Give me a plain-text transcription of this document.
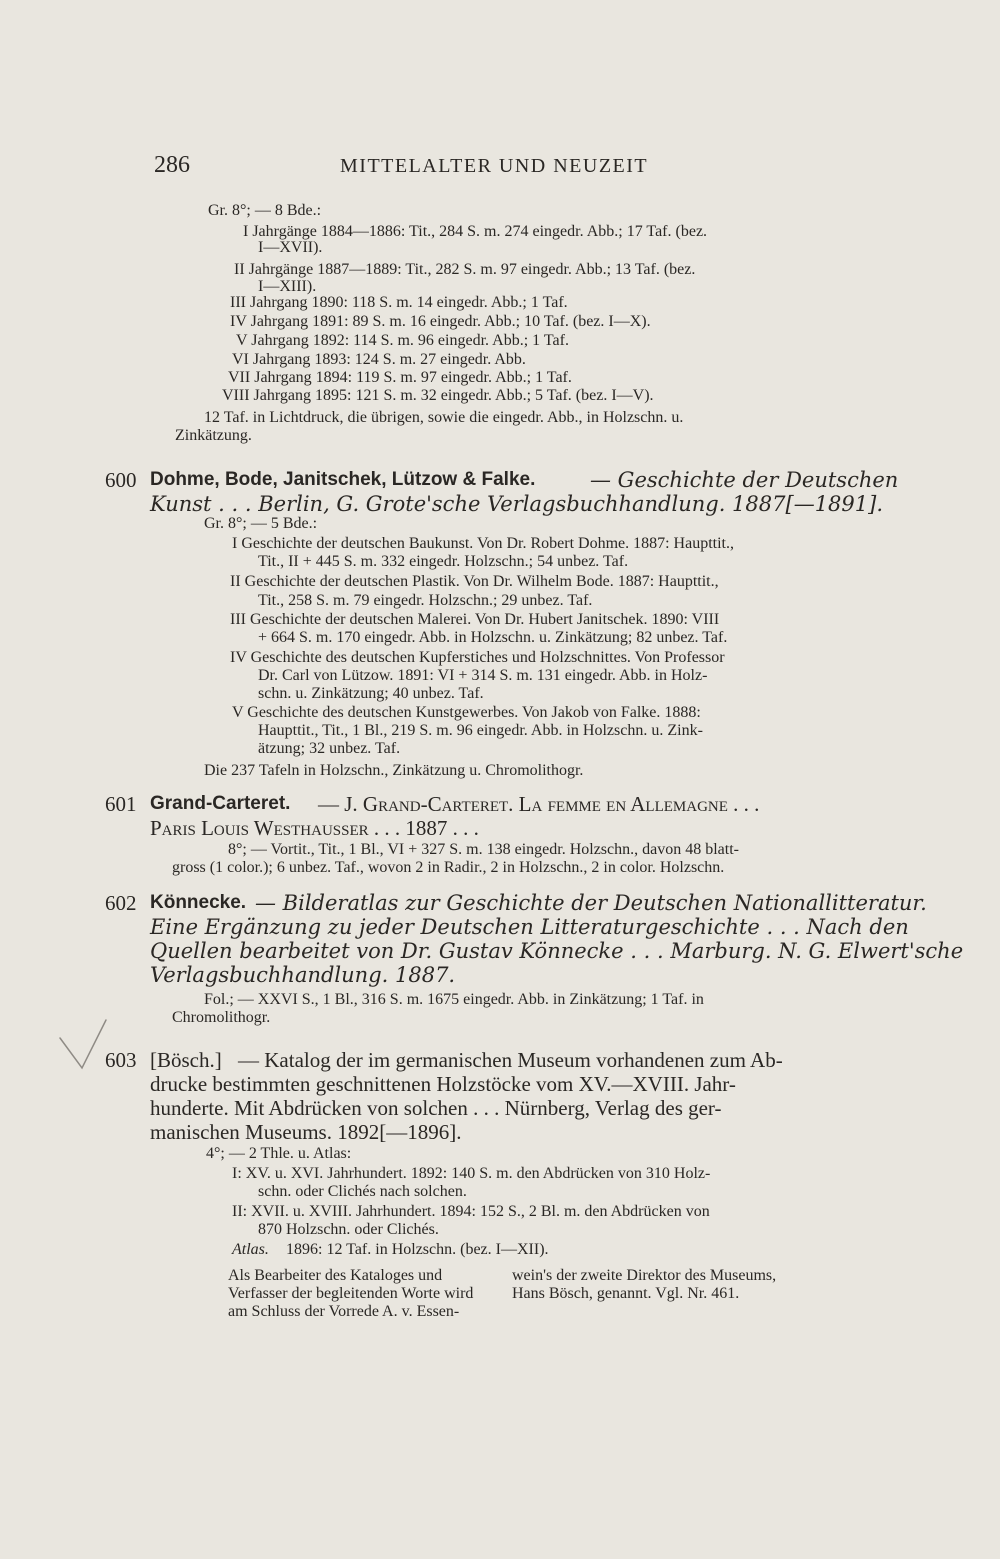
286	MITTELALTER UND NEUZEIT
Gr. 8°; — 8 Bde.:
I Jahrgänge 1884—1886: Tit., 284 S. m. 274 eingedr. Abb.; 17 Taf. (bez.
I—XVII).
II Jahrgänge 1887—1889: Tit., 282 S. m. 97 eingedr. Abb.; 13 Taf. (bez.
I—XIII).
III Jahrgang 1890: 118 S. m. 14 eingedr. Abb.; 1 Taf.
IV Jahrgang 1891: 89 S. m. 16 eingedr. Abb.; 10 Taf. (bez. I—X).
V Jahrgang 1892: 114 S. m. 96 eingedr. Abb.; 1 Taf.
VI Jahrgang 1893: 124 S. m. 27 eingedr. Abb.
VII Jahrgang 1894: 119 S. m. 97 eingedr. Abb.; 1 Taf.
VIII Jahrgang 1895: 121 S. m. 32 eingedr. Abb.; 5 Taf. (bez. I—V).
12 Taf. in Lichtdruck, die übrigen, sowie die eingedr. Abb., in Holzschn. u.
Zinkätzung.
600 Dohme, Bode, Janitschek, Lützow & Falke.	— Geschichte der Deutschen
Kunst . . . Berlin, G. Grote'sche Verlagsbuchhandlung. 1887[—1891].
Gr. 8°; — 5 Bde.:
I Geschichte der deutschen Baukunst. Von Dr. Robert Dohme. 1887: Haupttit.,
Tit., II + 445 S. m. 332 eingedr. Holzschn.; 54 unbez. Taf.
II Geschichte der deutschen Plastik. Von Dr. Wilhelm Bode. 1887: Haupttit.,
Tit., 258 S. m. 79 eingedr. Holzschn.; 29 unbez. Taf.
III Geschichte der deutschen Malerei. Von Dr. Hubert Janitschek. 1890: VIII
+ 664 S. m. 170 eingedr. Abb. in Holzschn. u. Zinkätzung; 82 unbez. Taf.
IV Geschichte des deutschen Kupferstiches und Holzschnittes. Von Professor
Dr. Carl von Lützow. 1891: VI + 314 S. m. 131 eingedr. Abb. in Holz-
schn. u. Zinkätzung; 40 unbez. Taf.
V Geschichte des deutschen Kunstgewerbes. Von Jakob von Falke. 1888:
Haupttit., Tit., 1 Bl., 219 S. m. 96 eingedr. Abb. in Holzschn. u. Zink-
ätzung; 32 unbez. Taf.
Die 237 Tafeln in Holzschn., Zinkätzung u. Chromolithogr.
601 Grand-Carteret. — J. Grand-Carteret. La femme en Allemagne . . .
Paris Louis Westhausser . . . 1887 . . .
8°; — Vortit., Tit., 1 Bl., VI + 327 S. m. 138 eingedr. Holzschn., davon 48 blatt-
gross (1 color.); 6 unbez. Taf., wovon 2 in Radir., 2 in Holzschn., 2 in color. Holzschn.
602 Könnecke. — Bilderatlas zur Geschichte der Deutschen Nationallitteratur.
Eine Ergänzung zu jeder Deutschen Litteraturgeschichte . . . Nach den
Quellen bearbeitet von Dr. Gustav Könnecke . . . Marburg. N. G. Elwert'sche
Verlagsbuchhandlung. 1887.
Fol.; — XXVI S., 1 Bl., 316 S. m. 1675 eingedr. Abb. in Zinkätzung; 1 Taf. in
Chromolithogr.
603 [Bösch.] — Katalog der im germanischen Museum vorhandenen zum Ab-
drucke bestimmten geschnittenen Holzstöcke vom XV.—XVIII. Jahr-
hunderte. Mit Abdrücken von solchen . . . Nürnberg, Verlag des ger-
manischen Museums. 1892[—1896].
4°; — 2 Thle. u. Atlas:
I: XV. u. XVI. Jahrhundert. 1892: 140 S. m. den Abdrücken von 310 Holz-
schn. oder Clichés nach solchen.
II: XVII. u. XVIII. Jahrhundert. 1894: 152 S., 2 Bl. m. den Abdrücken von
870 Holzschn. oder Clichés.
Atlas. 1896: 12 Taf. in Holzschn. (bez. I—XII).
Als Bearbeiter des Kataloges und
Verfasser der begleitenden Worte wird
am Schluss der Vorrede A. v. Essen-
wein's der zweite Direktor des Museums,
Hans Bösch, genannt. Vgl. Nr. 461.
